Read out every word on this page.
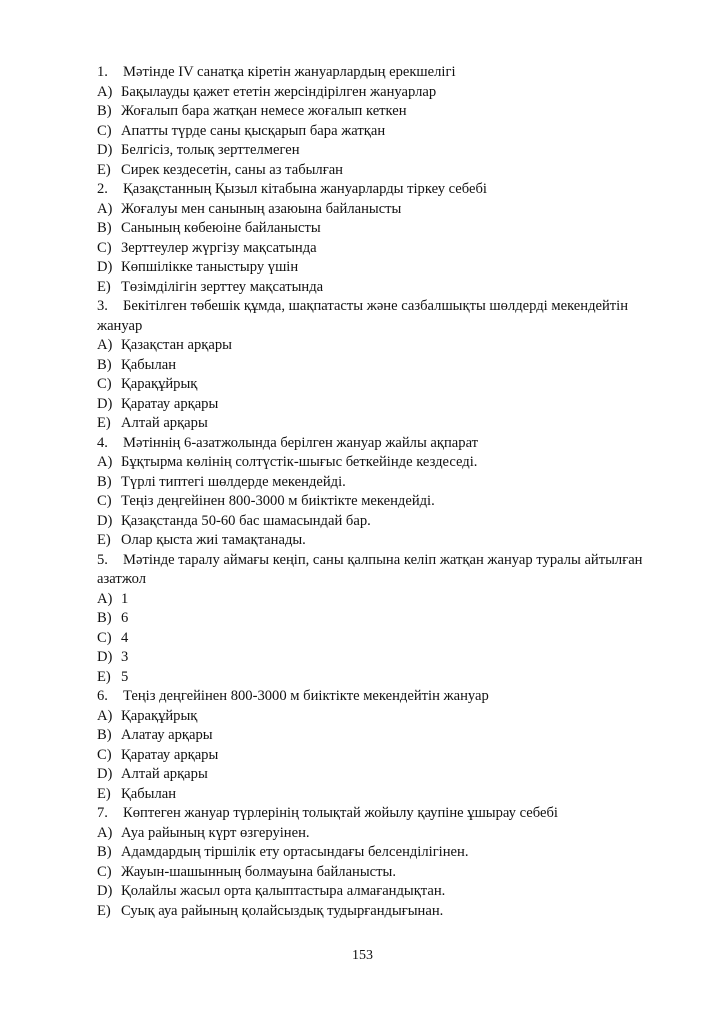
1. Мәтінде IV санатқа кіретін жануарлардың ерекшелігі
A) Бақылауды қажет ететін жерсіндірілген жануарлар
B) Жоғалып бара жатқан немесе жоғалып кеткен
C) Апатты түрде саны қысқарып бара жатқан
D) Белгісіз, толық зерттелмеген
E) Сирек кездесетін, саны аз табылған
2. Қазақстанның Қызыл кітабына жануарларды тіркеу себебі
A) Жоғалуы мен санының азаюына байланысты
B) Санының көбеюіне байланысты
C) Зерттеулер жүргізу мақсатында
D) Көпшілікке таныстыру үшін
E) Төзімділігін зерттеу мақсатында
3. Бекітілген төбешік құмда, шақпатасты және сазбалшықты шөлдерді мекендейтін жануар
A) Қазақстан арқары
B) Қабылан
C) Қарақұйрық
D) Қаратау арқары
E) Алтай арқары
4. Мәтіннің 6-азатжолында берілген жануар жайлы ақпарат
A) Бұқтырма көлінің солтүстік-шығыс беткейінде кездеседі.
B) Түрлі типтегі шөлдерде мекендейді.
C) Теңіз деңгейінен 800-3000 м биіктікте мекендейді.
D) Қазақстанда 50-60 бас шамасындай бар.
E) Олар қыста жиі тамақтанады.
5. Мәтінде таралу аймағы кеңіп, саны қалпына келіп жатқан жануар туралы айтылған азатжол
A) 1
B) 6
C) 4
D) 3
E) 5
6. Теңіз деңгейінен 800-3000 м биіктікте мекендейтін жануар
A) Қарақұйрық
B) Алатау арқары
C) Қаратау арқары
D) Алтай арқары
E) Қабылан
7. Көптеген жануар түрлерінің толықтай жойылу қаупіне ұшырау себебі
A) Ауа райының күрт өзгеруінен.
B) Адамдардың тіршілік ету ортасындағы белсенділігінен.
C) Жауын-шашынның болмауына байланысты.
D) Қолайлы жасыл орта қалыптастыра алмағандықтан.
E) Суық ауа райының қолайсыздық тудырғандығынан.
153
